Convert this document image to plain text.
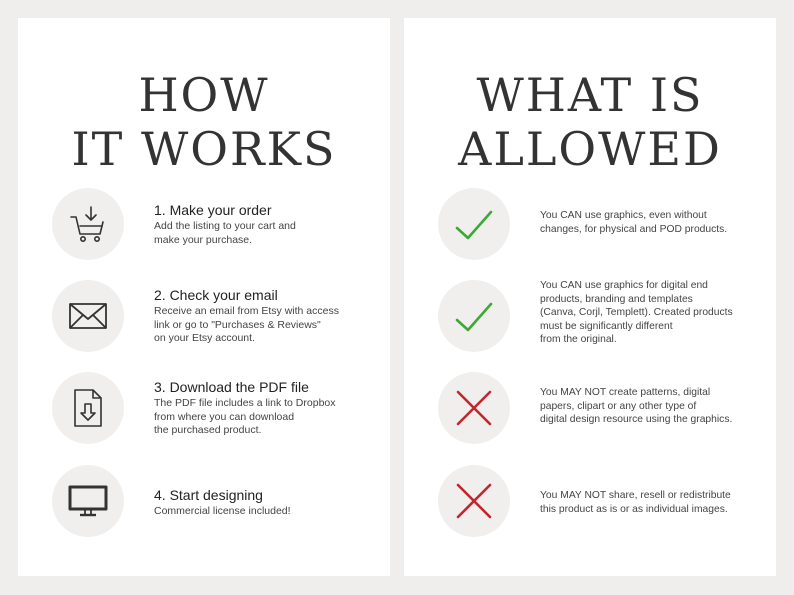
HOW
IT WORKS
1. Make your order
Add the listing to your cart and
make your purchase.
2. Check your email
Receive an email from Etsy with access
link or go to "Purchases & Reviews"
on your Etsy account.
3. Download the PDF file
The PDF file includes a link to Dropbox
from where you can download
the purchased product.
4. Start designing
Commercial license included!
WHAT IS
ALLOWED
You CAN use graphics, even without
changes, for physical and POD products.
You CAN use graphics for digital end
products, branding and templates
(Canva, Corjl, Templett). Created products
must be significantly different
from the original.
You MAY NOT create patterns, digital
papers, clipart or any other type of
digital design resource using the graphics.
You MAY NOT share, resell or redistribute
this product as is or as individual images.
